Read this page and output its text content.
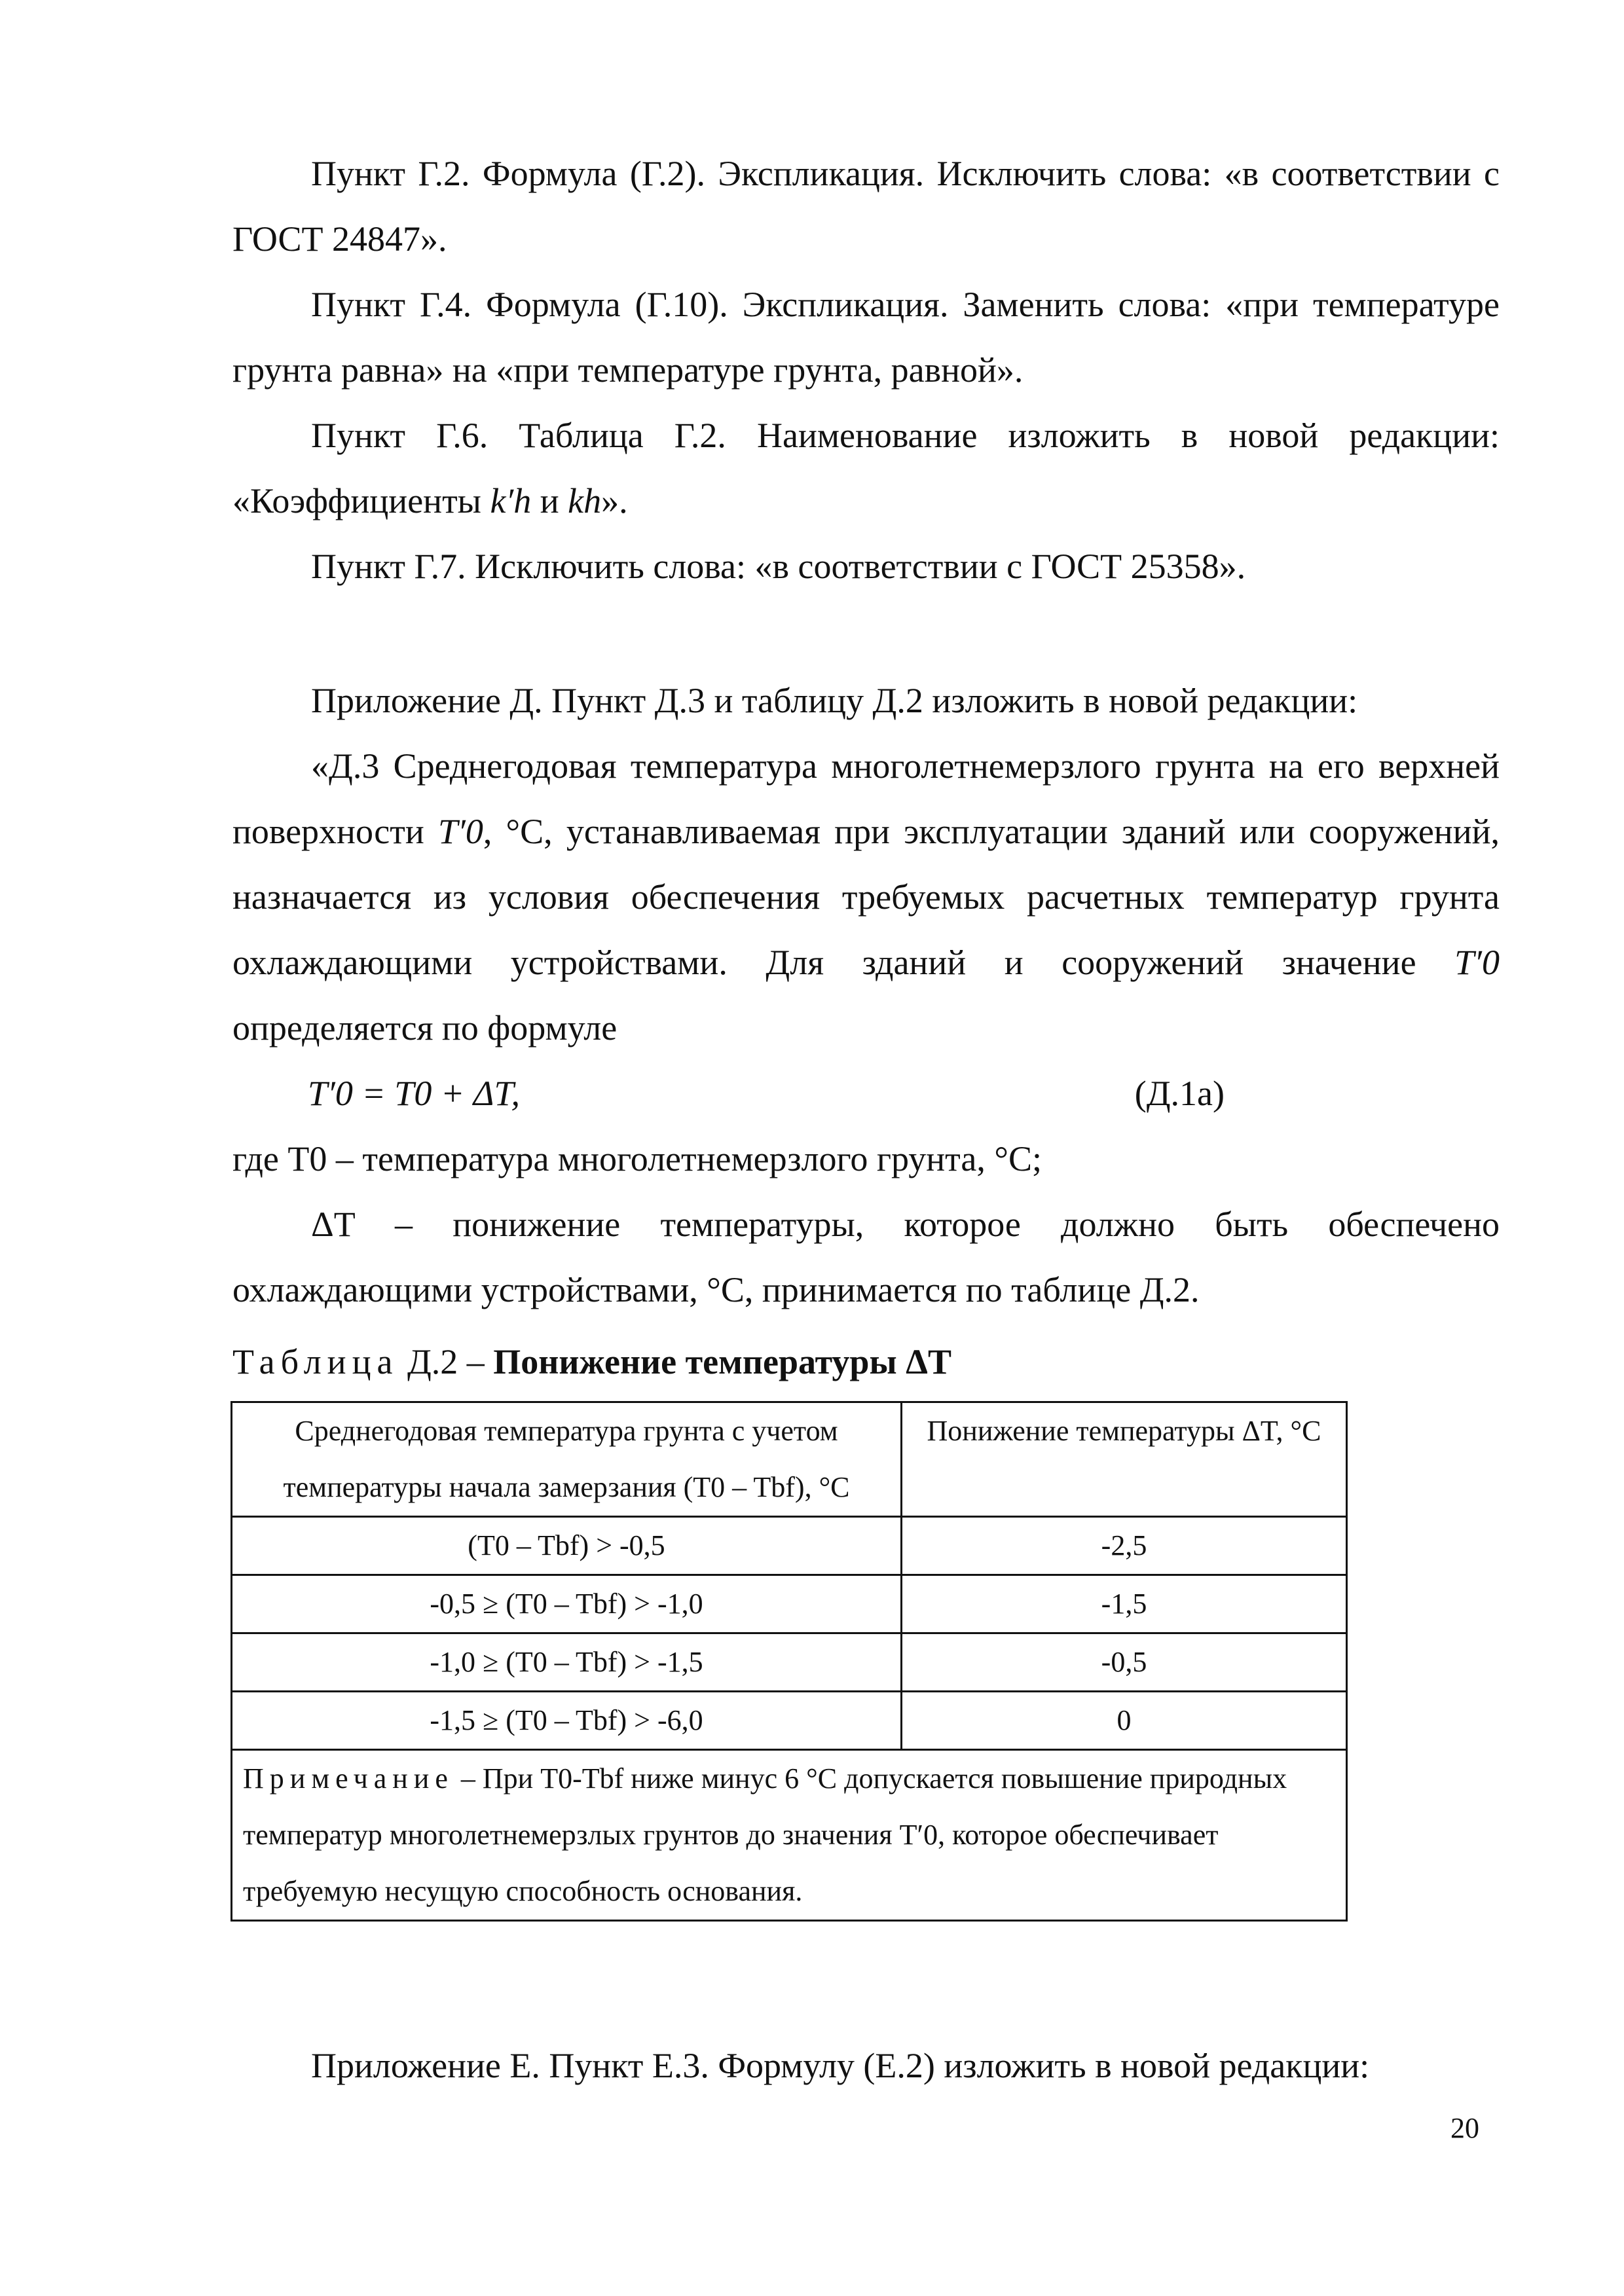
Пункт Г.2. Формула (Г.2). Экспликация. Исключить слова: «в соответствии с ГОСТ 24847».

Пункт Г.4. Формула (Г.10). Экспликация. Заменить слова: «при температуре грунта равна» на «при температуре грунта, равной».

Пункт Г.6. Таблица Г.2. Наименование изложить в новой редакции: «Коэффициенты k′h и kh».

Пункт Г.7. Исключить слова: «в соответствии с ГОСТ 25358».

Приложение Д. Пункт Д.3 и таблицу Д.2 изложить в новой редакции:

«Д.3 Среднегодовая температура многолетнемерзлого грунта на его верхней поверхности T′0, °С, устанавливаемая при эксплуатации зданий или сооружений, назначается из условия обеспечения требуемых расчетных температур грунта охлаждающими устройствами. Для зданий и сооружений значение T′0 определяется по формуле

T′0 = T0 + ΔT,	(Д.1а)

где T0 – температура многолетнемерзлого грунта, °С;

ΔT – понижение температуры, которое должно быть обеспечено охлаждающими устройствами, °С, принимается по таблице Д.2.

Таблица Д.2 – Понижение температуры ΔT
Среднегодовая температура грунта с учетом температуры начала замерзания (T0 – Tbf), °С	Понижение температуры ΔT, °С
(T0 – Tbf) > -0,5	-2,5
-0,5 ≥ (T0 – Tbf) > -1,0	-1,5
-1,0 ≥ (T0 – Tbf) > -1,5	-0,5
-1,5 ≥ (T0 – Tbf) > -6,0	0
Примечание – При T0-Tbf ниже минус 6 °С допускается повышение природных температур многолетнемерзлых грунтов до значения T′0, которое обеспечивает требуемую несущую способность основания.	

Приложение Е. Пункт Е.3. Формулу (Е.2) изложить в новой редакции:

20
